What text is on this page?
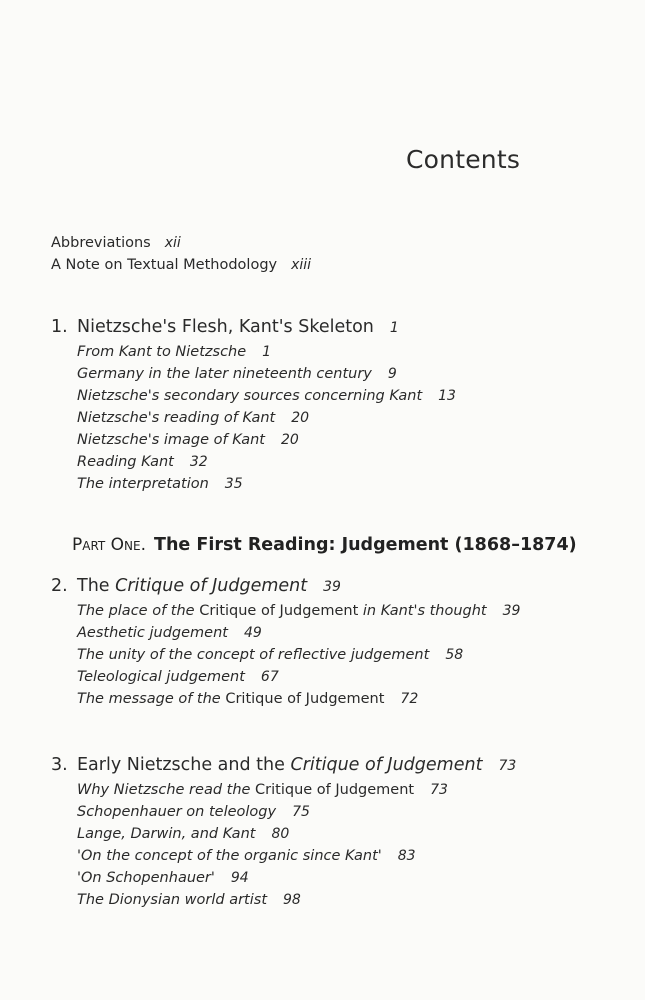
Contents
Abbreviations xii
A Note on Textual Methodology xiii
1. Nietzsche's Flesh, Kant's Skeleton 1
From Kant to Nietzsche 1
Germany in the later nineteenth century 9
Nietzsche's secondary sources concerning Kant 13
Nietzsche's reading of Kant 20
Nietzsche's image of Kant 20
Reading Kant 32
The interpretation 35
Part One. The First Reading: Judgement (1868–1874)
2. The Critique of Judgement 39
The place of the Critique of Judgement in Kant's thought 39
Aesthetic judgement 49
The unity of the concept of reflective judgement 58
Teleological judgement 67
The message of the Critique of Judgement 72
3. Early Nietzsche and the Critique of Judgement 73
Why Nietzsche read the Critique of Judgement 73
Schopenhauer on teleology 75
Lange, Darwin, and Kant 80
'On the concept of the organic since Kant' 83
'On Schopenhauer' 94
The Dionysian world artist 98
